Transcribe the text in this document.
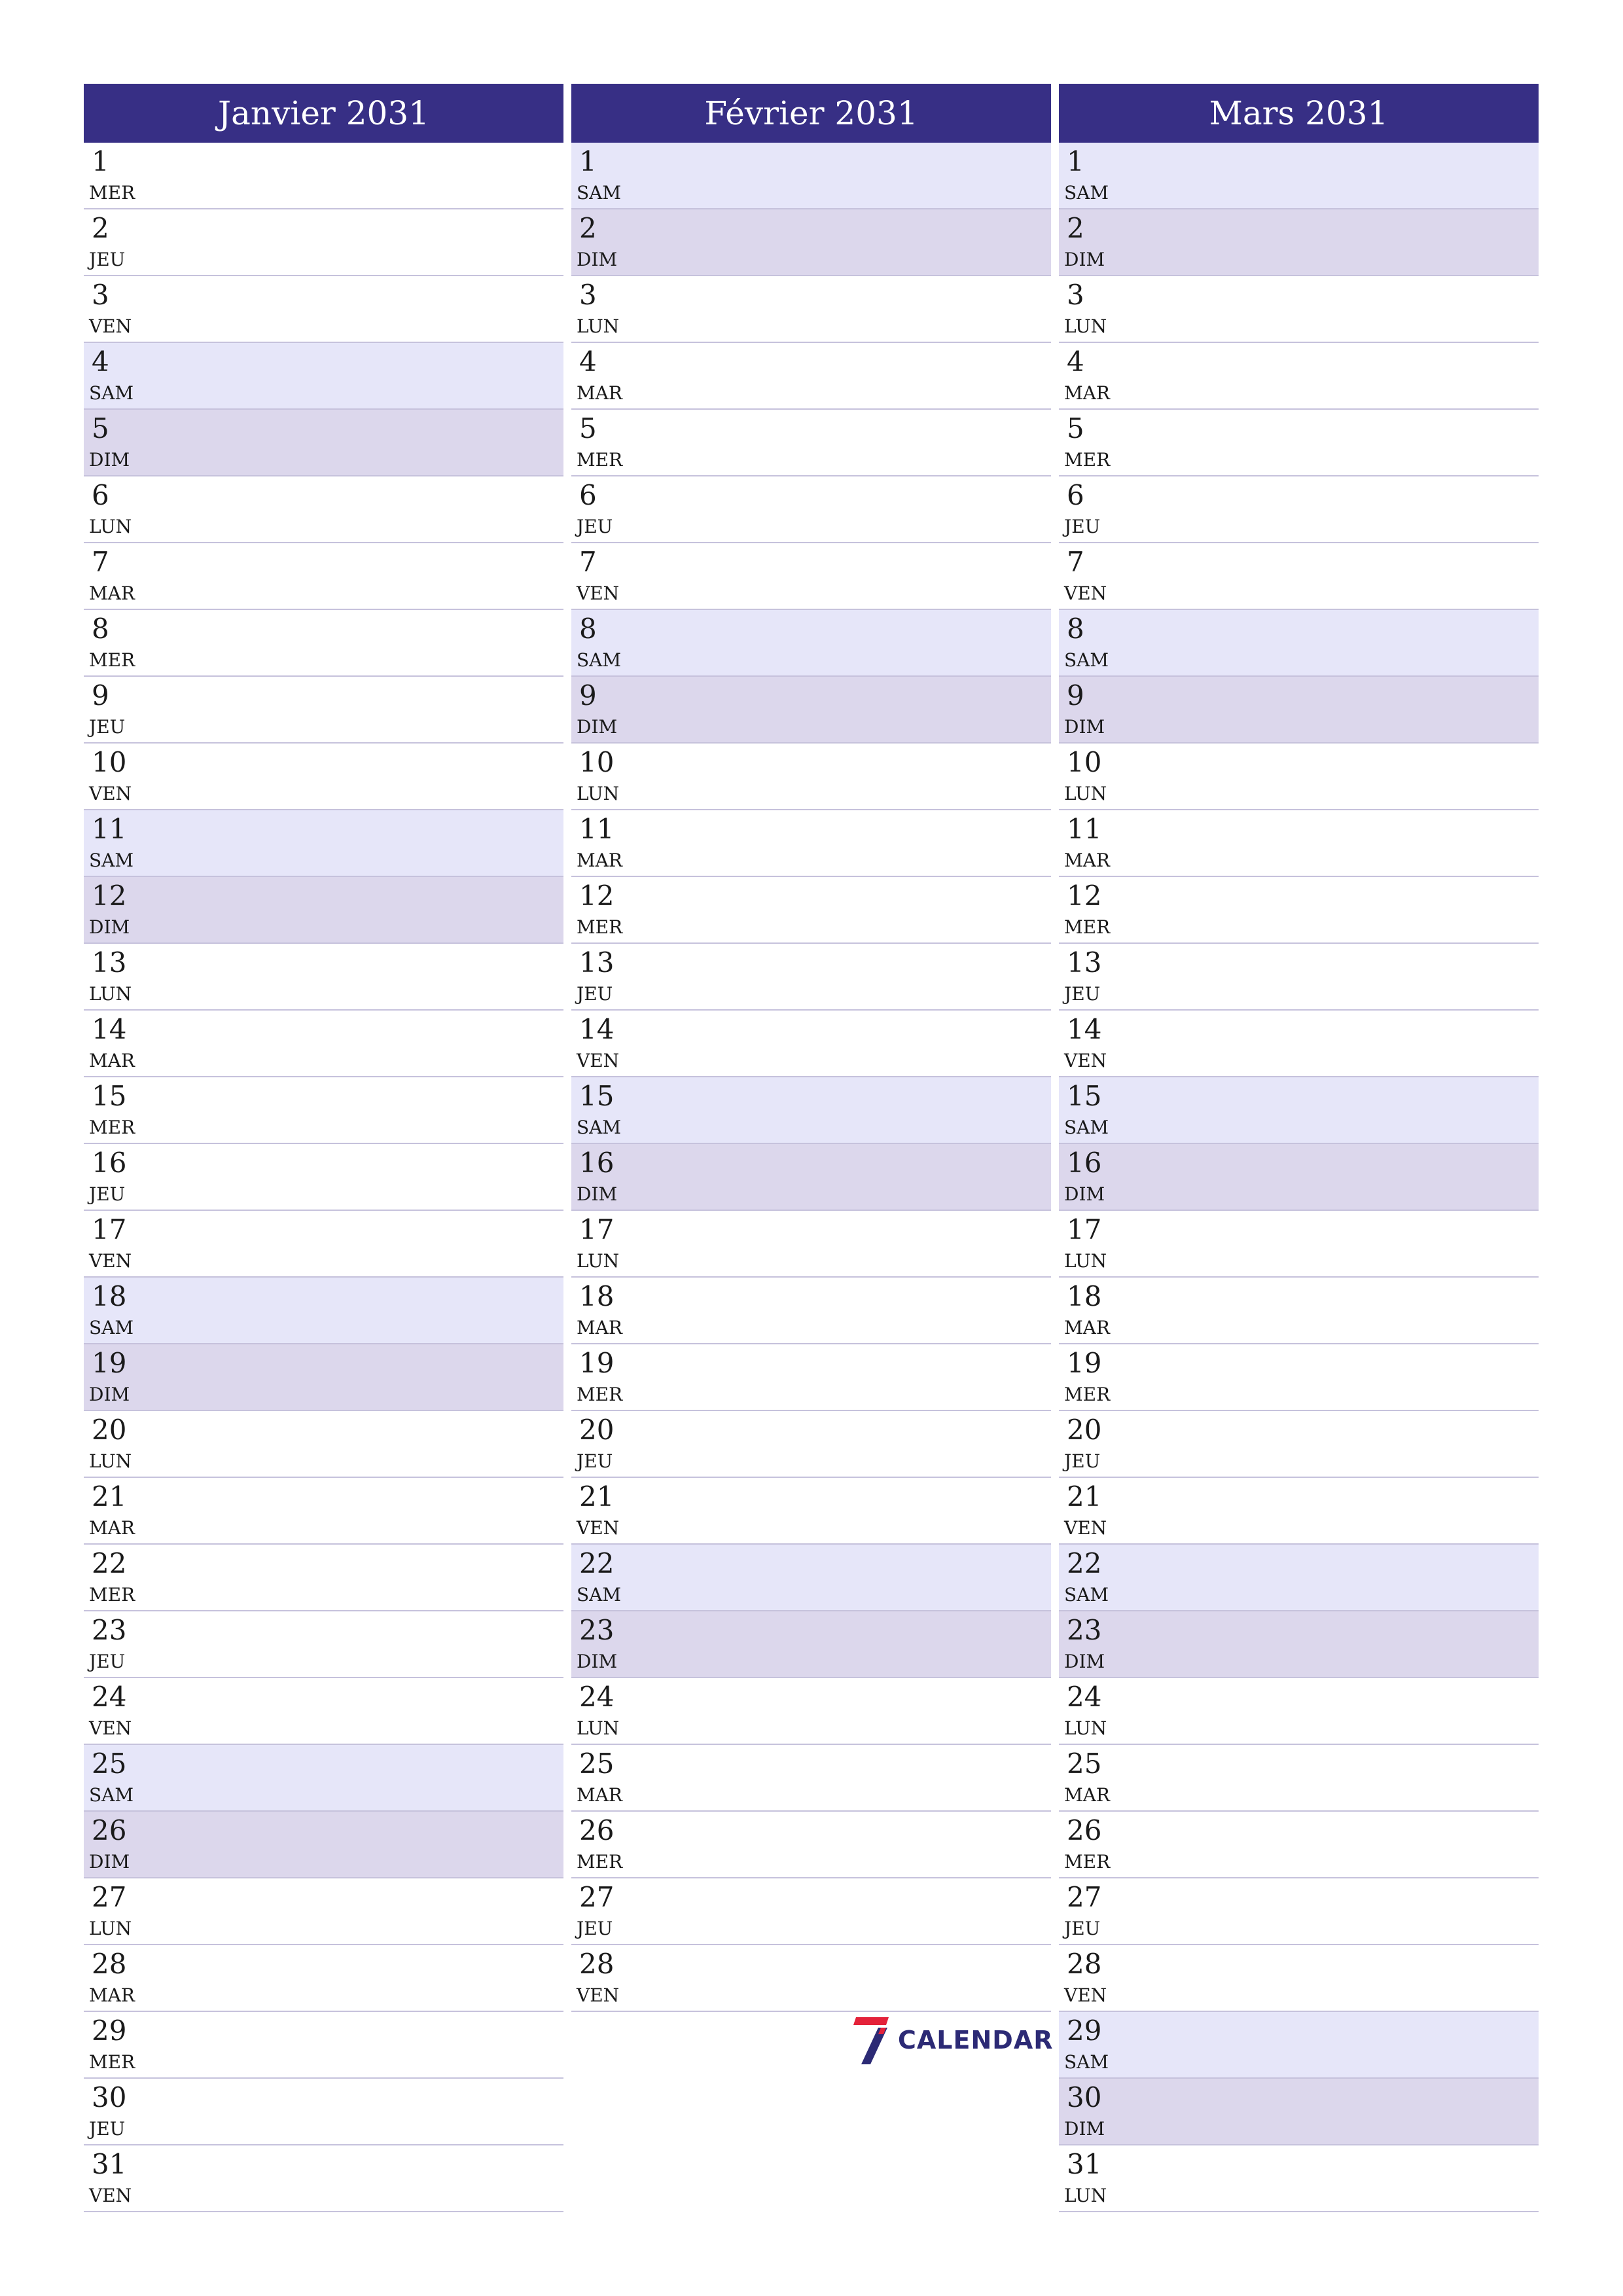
Janvier 2031
1
MER
2
JEU
3
VEN
4
SAM
5
DIM
6
LUN
7
MAR
8
MER
9
JEU
10
VEN
11
SAM
12
DIM
13
LUN
14
MAR
15
MER
16
JEU
17
VEN
18
SAM
19
DIM
20
LUN
21
MAR
22
MER
23
JEU
24
VEN
25
SAM
26
DIM
27
LUN
28
MAR
29
MER
30
JEU
31
VEN
Février 2031
1
SAM
2
DIM
3
LUN
4
MAR
5
MER
6
JEU
7
VEN
8
SAM
9
DIM
10
LUN
11
MAR
12
MER
13
JEU
14
VEN
15
SAM
16
DIM
17
LUN
18
MAR
19
MER
20
JEU
21
VEN
22
SAM
23
DIM
24
LUN
25
MAR
26
MER
27
JEU
28
VEN
Mars 2031
1
SAM
2
DIM
3
LUN
4
MAR
5
MER
6
JEU
7
VEN
8
SAM
9
DIM
10
LUN
11
MAR
12
MER
13
JEU
14
VEN
15
SAM
16
DIM
17
LUN
18
MAR
19
MER
20
JEU
21
VEN
22
SAM
23
DIM
24
LUN
25
MAR
26
MER
27
JEU
28
VEN
29
SAM
30
DIM
31
LUN
CALENDAR
